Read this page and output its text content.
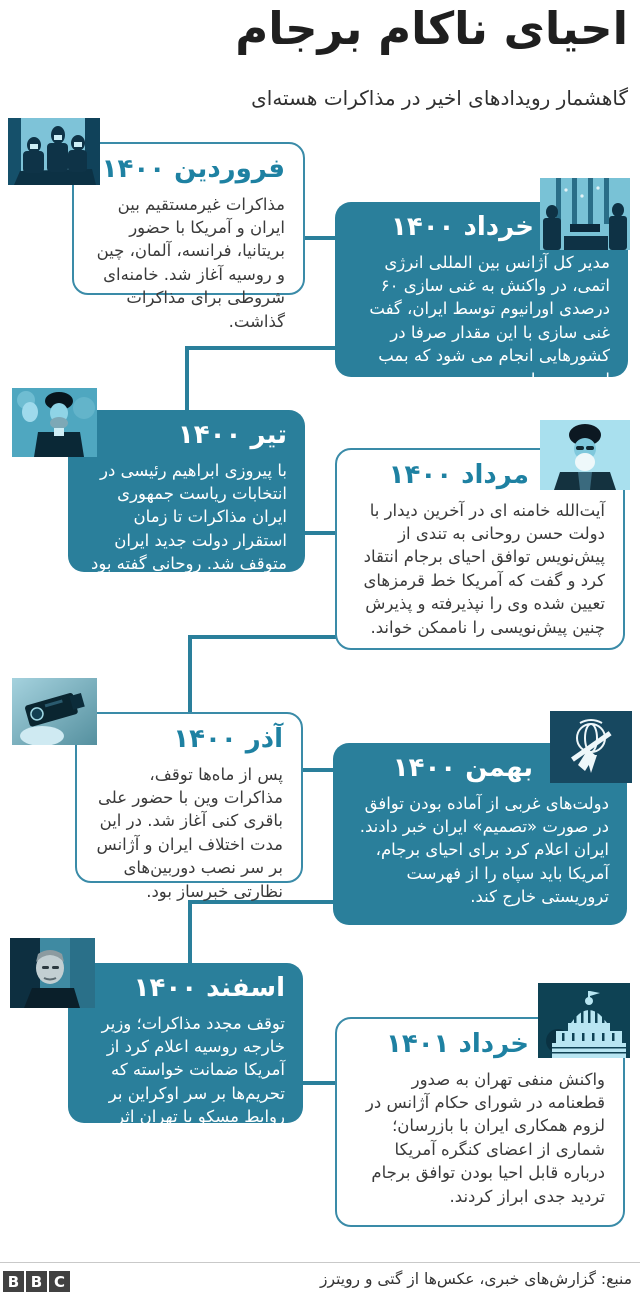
احیای ناکام برجام
گاهشمار رویدادهای اخیر در مذاکرات هسته‌ای
فروردین ۱۴۰۰

مذاکرات غیرمستقیم بین ایران و آمریکا با حضور بریتانیا، فرانسه، آلمان، چین و روسیه آغاز شد. خامنه‌ای شروطی برای مذاکرات گذاشت.

خرداد ۱۴۰۰

مدیر کل آژانس بین المللی انرژی اتمی، در واکنش به غنی سازی ۶۰ درصدی اورانیوم توسط ایران، گفت غنی سازی با این مقدار صرفا در کشورهایی انجام می شود که بمب اتمی می‌سازند.

تیر ۱۴۰۰

با پیروزی ابراهیم رئیسی در انتخابات ریاست جمهوری ایران مذاکرات تا زمان استقرار دولت جدید ایران متوقف شد. روحانی گفته بود که توافق برای رفع تحریم‌های آمریکا در دسترس است.

مرداد ۱۴۰۰

آیت‌الله خامنه ای در آخرین دیدار با دولت حسن روحانی به تندی از پیش‌نویس توافق احیای برجام انتقاد کرد و گفت که آمریکا خط قرمزهای تعیین شده وی را نپذیرفته و پذیرش چنین پیش‌نویسی را ناممکن خواند.

آذر ۱۴۰۰

پس از ماه‌ها توقف، مذاکرات وین با حضور علی باقری کنی آغاز شد. در این مدت اختلاف ایران و آژانس بر سر نصب دوربین‌های نظارتی خبرساز بود.

بهمن ۱۴۰۰

دولت‌های غربی از آماده بودن توافق در صورت «تصمیم» ایران خبر دادند. ایران اعلام کرد برای احیای برجام، آمریکا باید سپاه را از فهرست تروریستی خارج کند.

اسفند ۱۴۰۰

توقف مجدد مذاکرات؛ وزیر خارجه روسیه اعلام کرد از آمریکا ضمانت خواسته که تحریم‌ها بر سر اوکراین بر روابط مسکو با تهران اثر منفی نداشته باشد.

خرداد ۱۴۰۱

واکنش منفی تهران به صدور قطعنامه در شورای حکام آژانس در لزوم همکاری ایران با بازرسان؛ شماری از اعضای کنگره آمریکا درباره قابل احیا بودن توافق برجام تردید جدی ابراز کردند.

B B C	منبع: گزارش‌های خبری، عکس‌ها از گتی و رویترز
